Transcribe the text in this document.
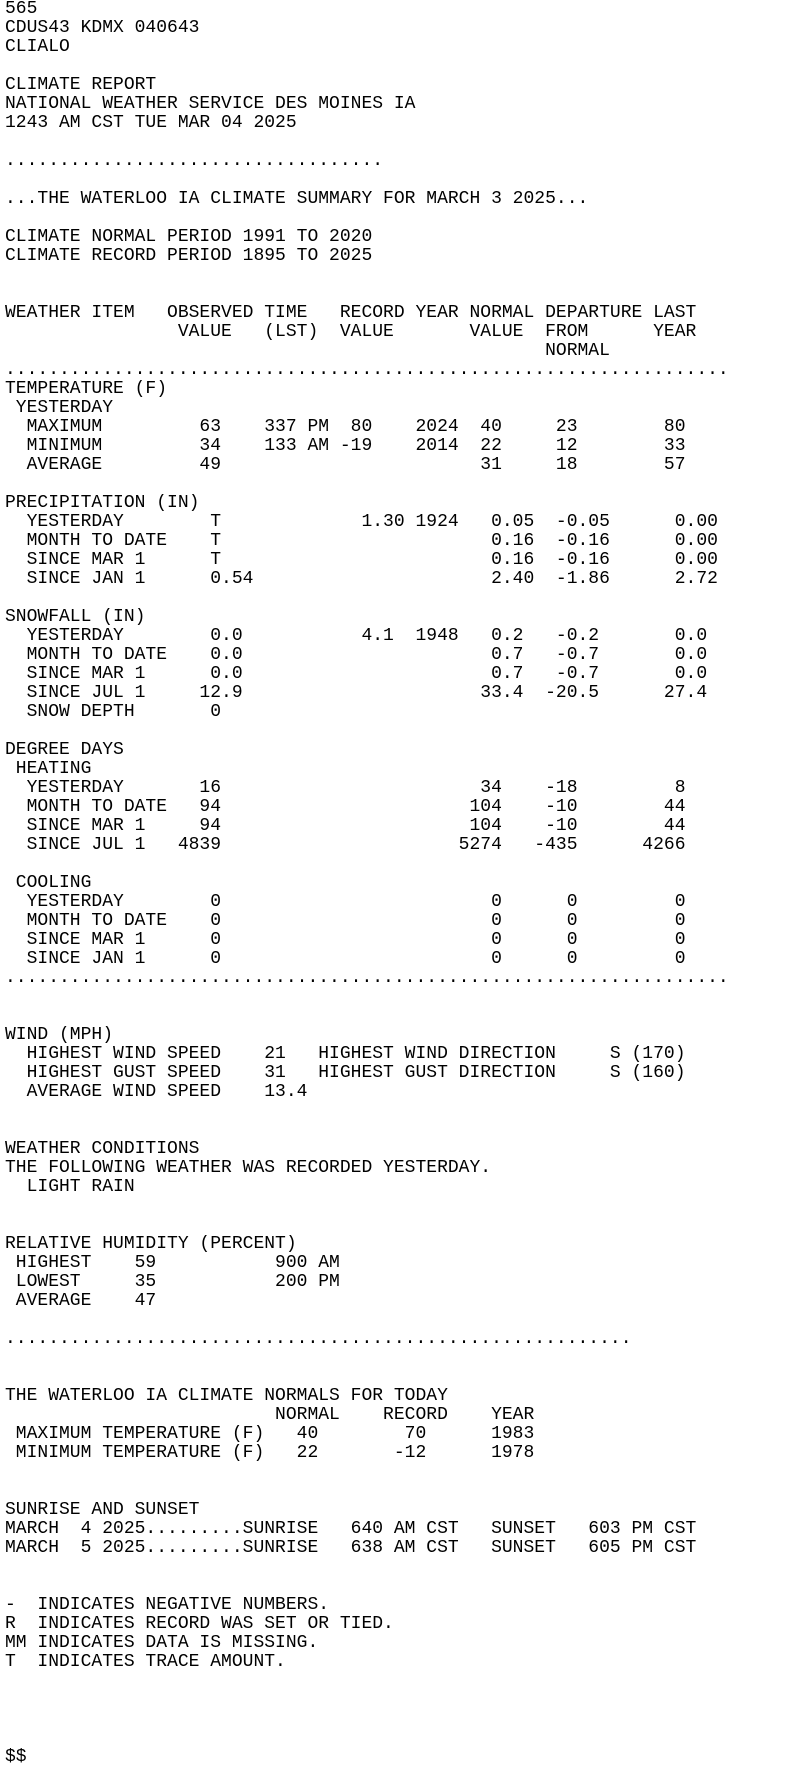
565
CDUS43 KDMX 040643
CLIALO
CLIMATE REPORT
NATIONAL WEATHER SERVICE DES MOINES IA
1243 AM CST TUE MAR 04 2025
...................................
...THE WATERLOO IA CLIMATE SUMMARY FOR MARCH 3 2025...
CLIMATE NORMAL PERIOD 1991 TO 2020
CLIMATE RECORD PERIOD 1895 TO 2025
WEATHER ITEM   OBSERVED TIME   RECORD YEAR NORMAL DEPARTURE LAST
VALUE   (LST)  VALUE       VALUE  FROM      YEAR
NORMAL
...................................................................
TEMPERATURE (F)
YESTERDAY
MAXIMUM         63    337 PM  80    2024  40     23        80
MINIMUM         34    133 AM -19    2014  22     12        33
AVERAGE         49                        31     18        57
PRECIPITATION (IN)
YESTERDAY        T             1.30 1924   0.05  -0.05      0.00
MONTH TO DATE    T                         0.16  -0.16      0.00
SINCE MAR 1      T                         0.16  -0.16      0.00
SINCE JAN 1      0.54                      2.40  -1.86      2.72
SNOWFALL (IN)
YESTERDAY        0.0           4.1  1948   0.2   -0.2       0.0
MONTH TO DATE    0.0                       0.7   -0.7       0.0
SINCE MAR 1      0.0                       0.7   -0.7       0.0
SINCE JUL 1     12.9                      33.4  -20.5      27.4
SNOW DEPTH       0
DEGREE DAYS
HEATING
YESTERDAY       16                        34    -18         8
MONTH TO DATE   94                       104    -10        44
SINCE MAR 1     94                       104    -10        44
SINCE JUL 1   4839                      5274   -435      4266
COOLING
YESTERDAY        0                         0      0         0
MONTH TO DATE    0                         0      0         0
SINCE MAR 1      0                         0      0         0
SINCE JAN 1      0                         0      0         0
...................................................................
WIND (MPH)
HIGHEST WIND SPEED    21   HIGHEST WIND DIRECTION     S (170)
HIGHEST GUST SPEED    31   HIGHEST GUST DIRECTION     S (160)
AVERAGE WIND SPEED    13.4
WEATHER CONDITIONS
THE FOLLOWING WEATHER WAS RECORDED YESTERDAY.
LIGHT RAIN
RELATIVE HUMIDITY (PERCENT)
HIGHEST    59           900 AM
LOWEST     35           200 PM
AVERAGE    47
..........................................................
THE WATERLOO IA CLIMATE NORMALS FOR TODAY
NORMAL    RECORD    YEAR
MAXIMUM TEMPERATURE (F)   40        70      1983
MINIMUM TEMPERATURE (F)   22       -12      1978
SUNRISE AND SUNSET
MARCH  4 2025.........SUNRISE   640 AM CST   SUNSET   603 PM CST
MARCH  5 2025.........SUNRISE   638 AM CST   SUNSET   605 PM CST
-  INDICATES NEGATIVE NUMBERS.
R  INDICATES RECORD WAS SET OR TIED.
MM INDICATES DATA IS MISSING.
T  INDICATES TRACE AMOUNT.
$$
